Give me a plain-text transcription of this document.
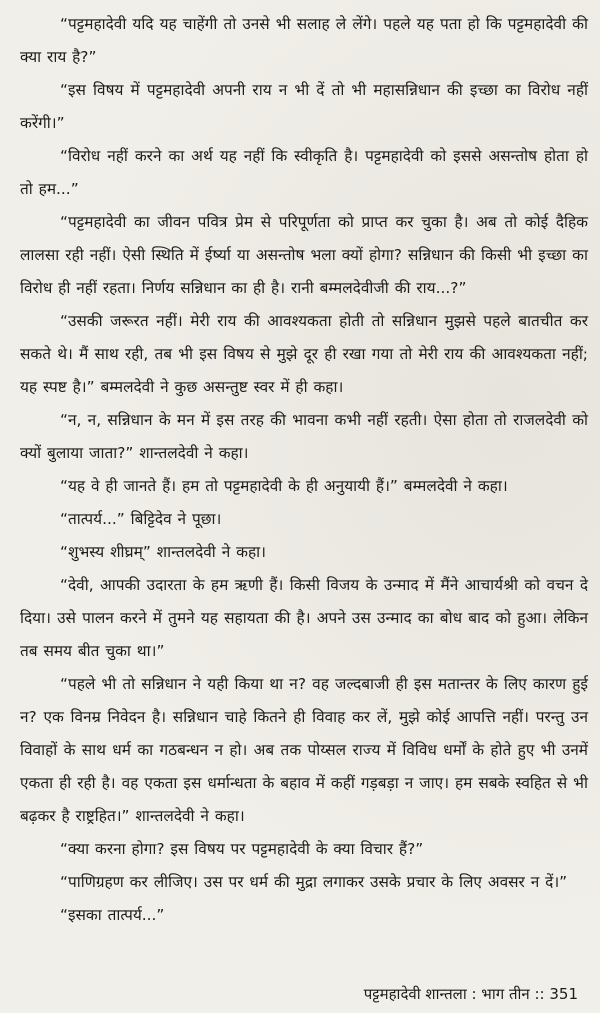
“पट्टमहादेवी यदि यह चाहेंगी तो उनसे भी सलाह ले लेंगे। पहले यह पता हो कि पट्टमहादेवी की क्या राय है?”

“इस विषय में पट्टमहादेवी अपनी राय न भी दें तो भी महासन्निधान की इच्छा का विरोध नहीं करेंगी।”

“विरोध नहीं करने का अर्थ यह नहीं कि स्वीकृति है। पट्टमहादेवी को इससे असन्तोष होता हो तो हम...”

“पट्टमहादेवी का जीवन पवित्र प्रेम से परिपूर्णता को प्राप्त कर चुका है। अब तो कोई दैहिक लालसा रही नहीं। ऐसी स्थिति में ईर्ष्या या असन्तोष भला क्यों होगा? सन्निधान की किसी भी इच्छा का विरोध ही नहीं रहता। निर्णय सन्निधान का ही है। रानी बम्मलदेवीजी की राय...?”

“उसकी जरूरत नहीं। मेरी राय की आवश्यकता होती तो सन्निधान मुझसे पहले बातचीत कर सकते थे। मैं साथ रही, तब भी इस विषय से मुझे दूर ही रखा गया तो मेरी राय की आवश्यकता नहीं; यह स्पष्ट है।” बम्मलदेवी ने कुछ असन्तुष्ट स्वर में ही कहा।

“न, न, सन्निधान के मन में इस तरह की भावना कभी नहीं रहती। ऐसा होता तो राजलदेवी को क्यों बुलाया जाता?” शान्तलदेवी ने कहा।

“यह वे ही जानते हैं। हम तो पट्टमहादेवी के ही अनुयायी हैं।” बम्मलदेवी ने कहा।

“तात्पर्य...” बिट्टिदेव ने पूछा।

“शुभस्य शीघ्रम्” शान्तलदेवी ने कहा।

“देवी, आपकी उदारता के हम ऋणी हैं। किसी विजय के उन्माद में मैंने आचार्यश्री को वचन दे दिया। उसे पालन करने में तुमने यह सहायता की है। अपने उस उन्माद का बोध बाद को हुआ। लेकिन तब समय बीत चुका था।”

“पहले भी तो सन्निधान ने यही किया था न? वह जल्दबाजी ही इस मतान्तर के लिए कारण हुई न? एक विनम्र निवेदन है। सन्निधान चाहे कितने ही विवाह कर लें, मुझे कोई आपत्ति नहीं। परन्तु उन विवाहों के साथ धर्म का गठबन्धन न हो। अब तक पोय्सल राज्य में विविध धर्मों के होते हुए भी उनमें एकता ही रही है। वह एकता इस धर्मान्धता के बहाव में कहीं गड़बड़ा न जाए। हम सबके स्वहित से भी बढ़कर है राष्ट्रहित।” शान्तलदेवी ने कहा।

“क्या करना होगा? इस विषय पर पट्टमहादेवी के क्या विचार हैं?”

“पाणिग्रहण कर लीजिए। उस पर धर्म की मुद्रा लगाकर उसके प्रचार के लिए अवसर न दें।”

“इसका तात्पर्य...”

पट्टमहादेवी शान्तला : भाग तीन :: 351
